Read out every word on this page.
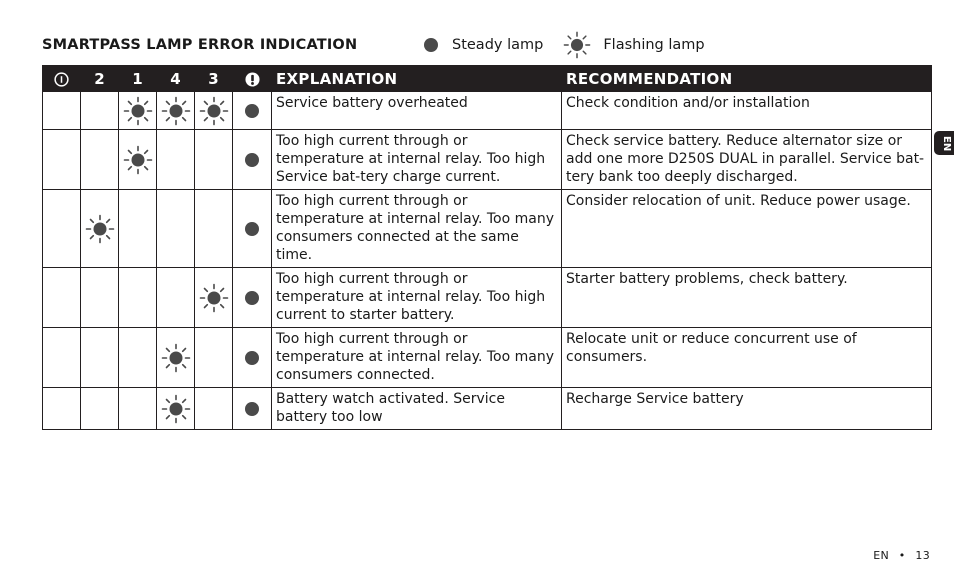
SMARTPASS LAMP ERROR INDICATION	Steady lamp	Flashing lamp
	2	1	4	3		EXPLANATION	RECOMMENDATION
						Service battery overheated	Check condition and/or installation
						Too high current through or temperature at internal relay. Too high Service bat-tery charge current.	Check service battery. Reduce alternator size or add one more D250S DUAL in parallel. Service bat-tery bank too deeply discharged.
						Too high current through or temperature at internal relay. Too many consumers connected at the same time.	Consider relocation of unit. Reduce power usage.
						Too high current through or temperature at internal relay. Too high current to starter battery.	Starter battery problems, check battery.
						Too high current through or temperature at internal relay. Too many consumers connected.	Relocate unit or reduce concurrent use of consumers.
						Battery watch activated. Service battery too low	Recharge Service battery
EN
EN • 13
